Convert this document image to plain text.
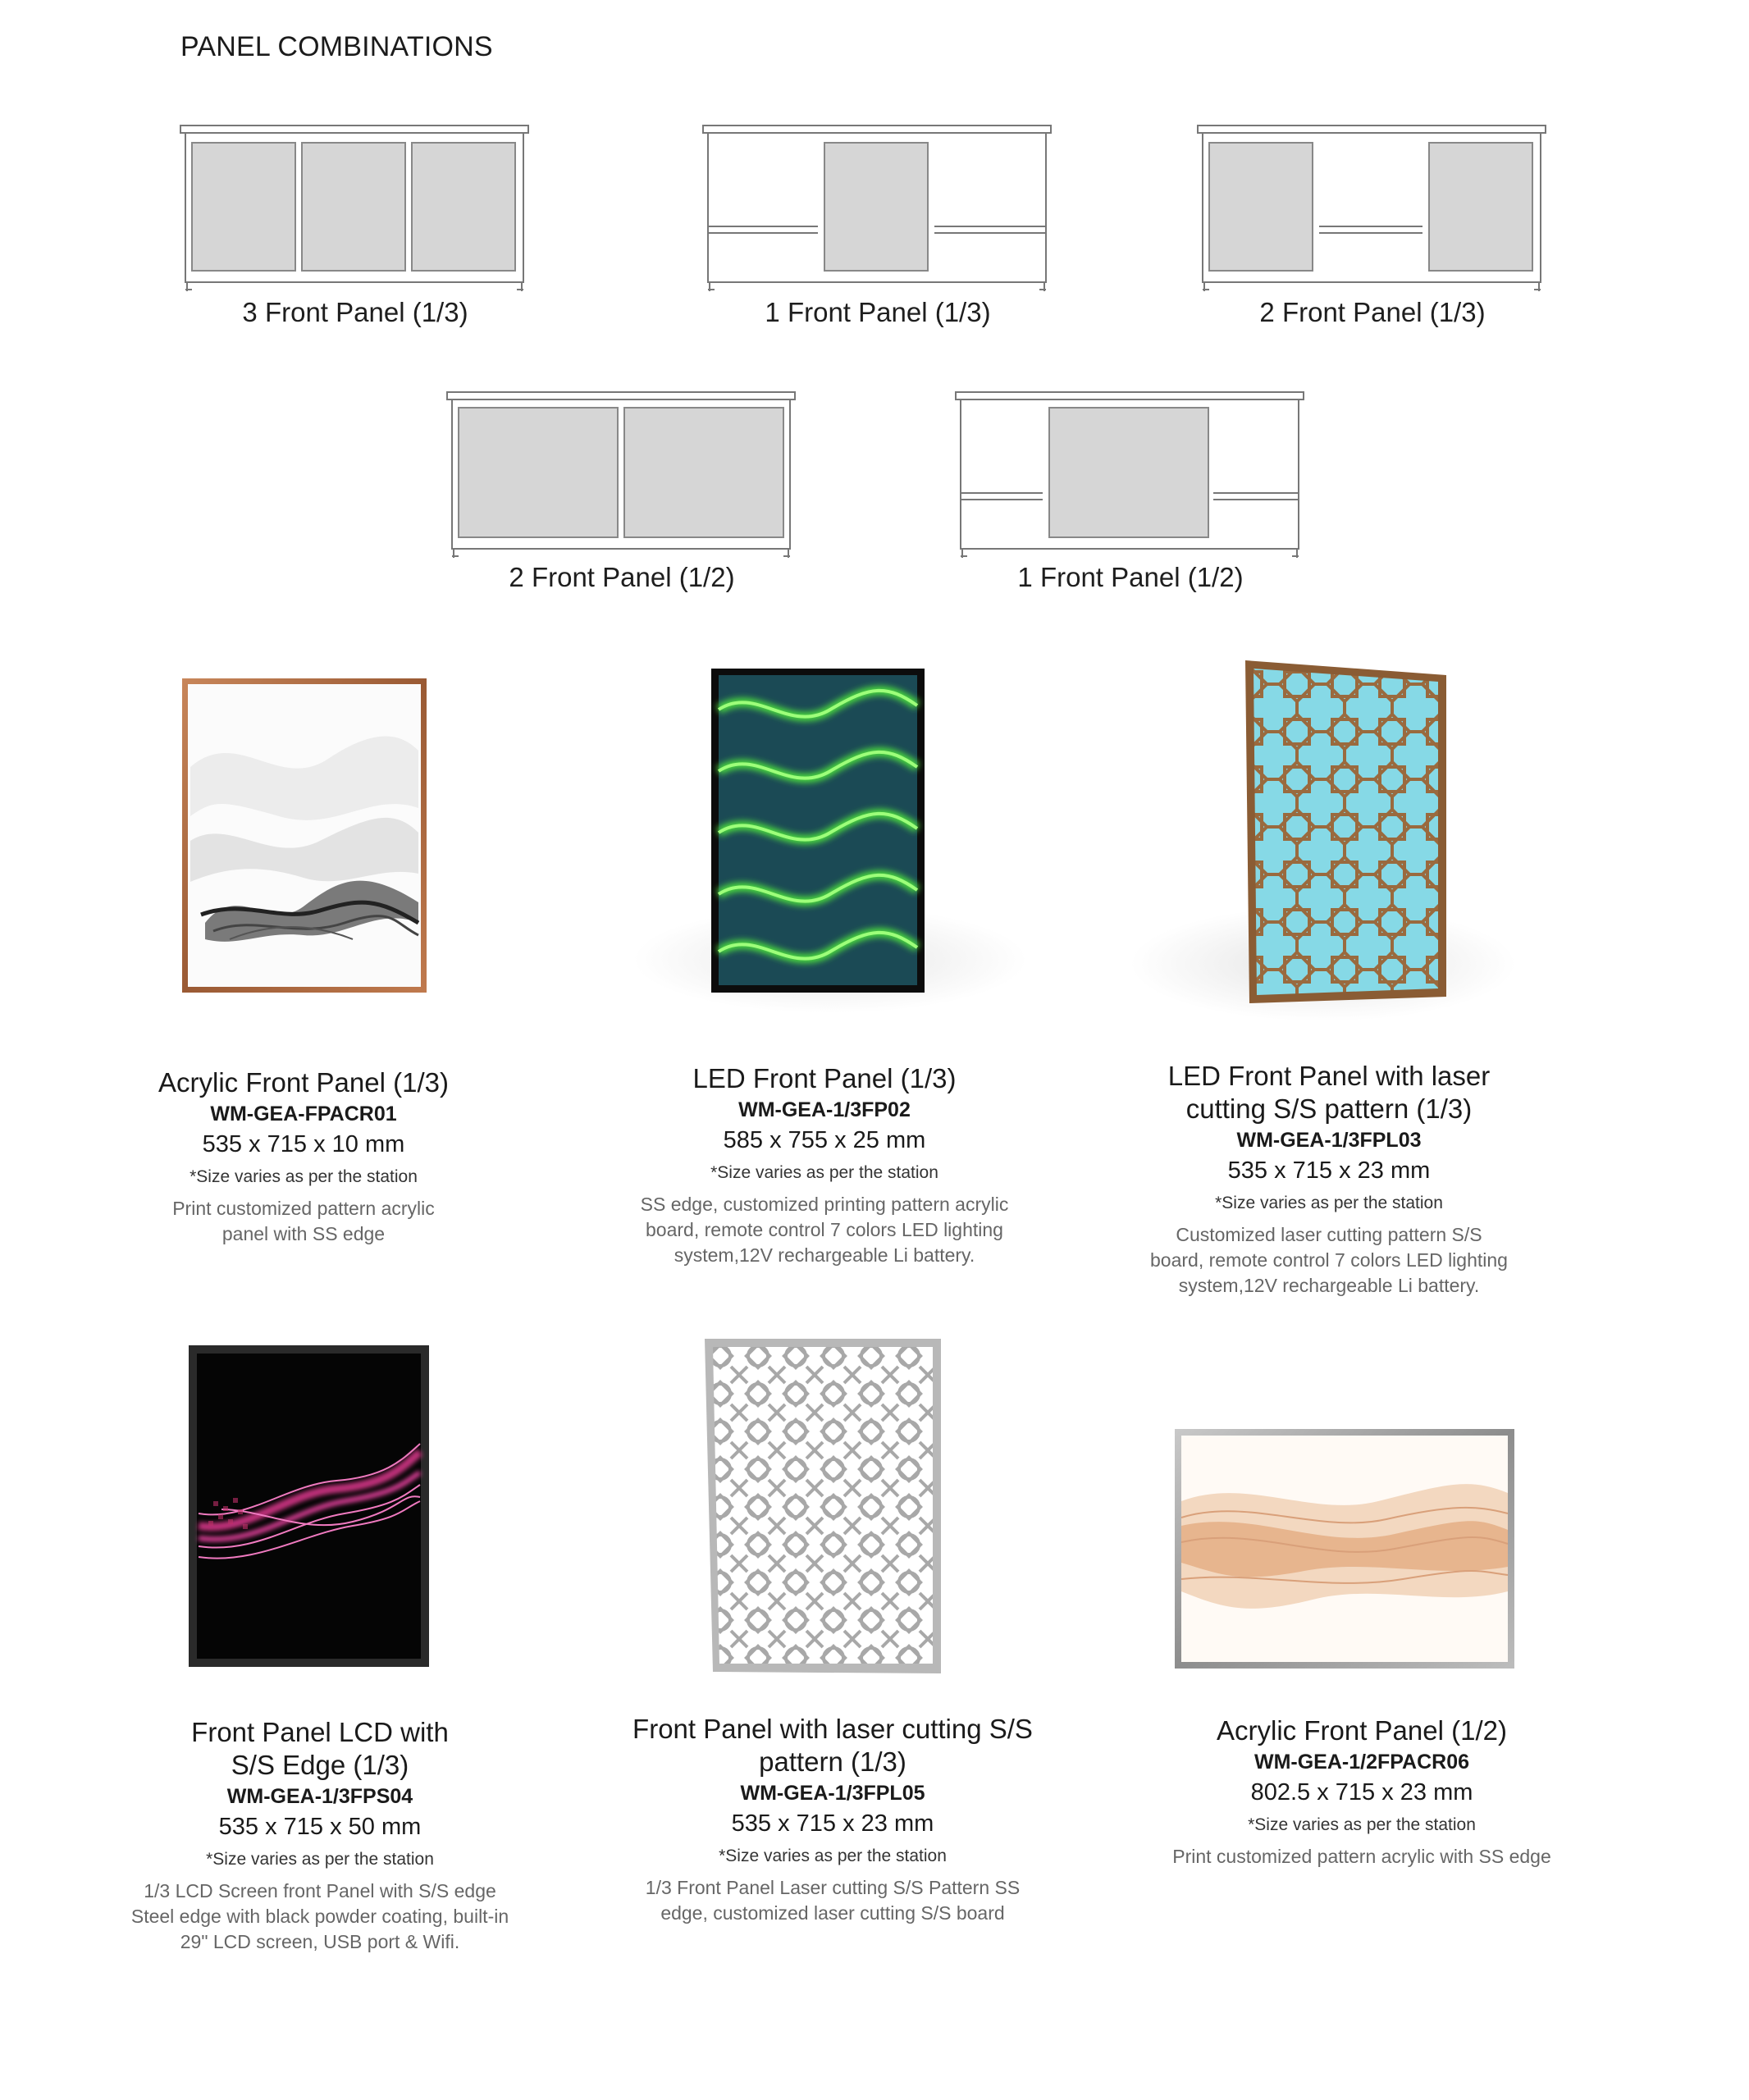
PANEL COMBINATIONS
3 Front Panel (1/3)	1 Front Panel (1/3)	2 Front Panel (1/3)
2 Front Panel (1/2)	1 Front Panel (1/2)
Acrylic Front Panel (1/3)
WM-GEA-FPACR01
535 x 715 x 10 mm
*Size varies as per the station
Print customized pattern acrylic
panel with SS edge
LED Front Panel (1/3)
WM-GEA-1/3FP02
585 x 755 x 25 mm
*Size varies as per the station
SS edge, customized printing pattern acrylic
board, remote control 7 colors LED lighting
system,12V rechargeable Li battery.
LED Front Panel with laser
cutting S/S pattern (1/3)
WM-GEA-1/3FPL03
535 x 715 x 23 mm
*Size varies as per the station
Customized laser cutting pattern S/S
board, remote control 7 colors LED lighting
system,12V rechargeable Li battery.
Front Panel LCD with
S/S Edge (1/3)
WM-GEA-1/3FPS04
535 x 715 x 50 mm
*Size varies as per the station
1/3 LCD Screen front Panel with S/S edge
Steel edge with black powder coating, built-in
29" LCD screen, USB port & Wifi.
Front Panel with laser cutting S/S
pattern (1/3)
WM-GEA-1/3FPL05
535 x 715 x 23 mm
*Size varies as per the station
1/3 Front Panel Laser cutting S/S Pattern SS
edge, customized laser cutting S/S board
Acrylic Front Panel (1/2)
WM-GEA-1/2FPACR06
802.5 x 715 x 23 mm
*Size varies as per the station
Print customized pattern acrylic with SS edge
